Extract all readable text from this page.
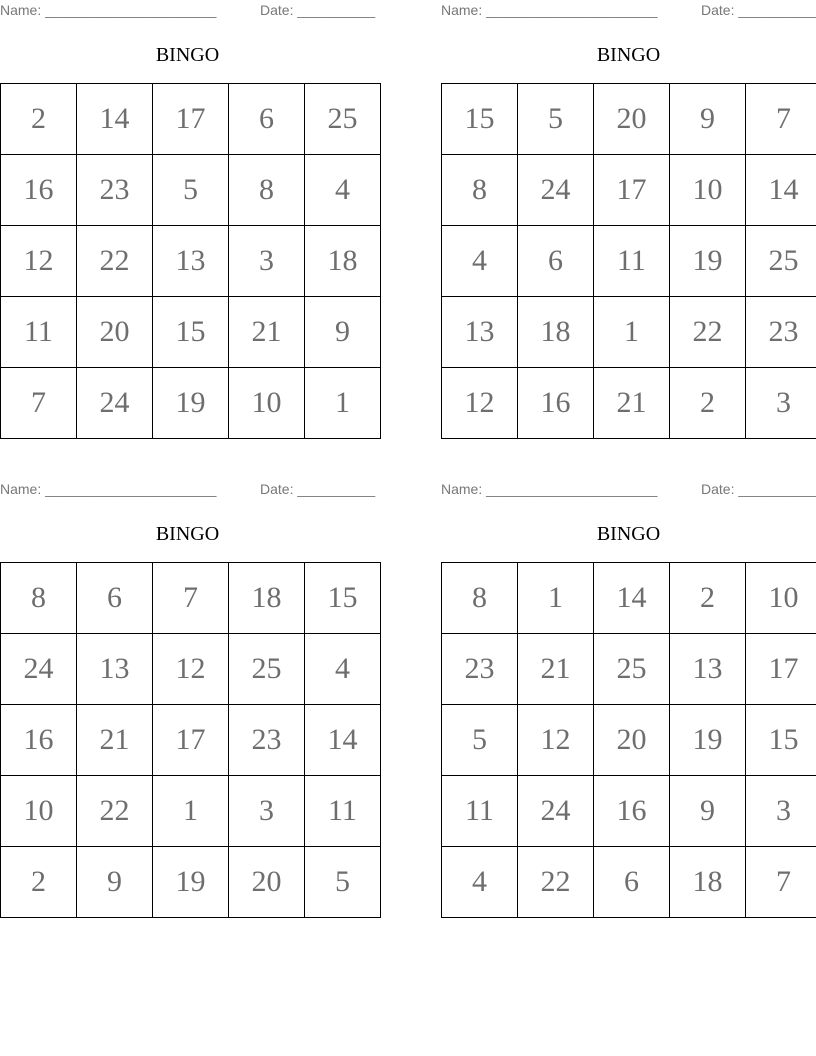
Name: ______________________	Date: __________
BINGO
2	14	17	6	25
16	23	5	8	4
12	22	13	3	18
11	20	15	21	9
7	24	19	10	1
Name: ______________________	Date: __________
BINGO
15	5	20	9	7
8	24	17	10	14
4	6	11	19	25
13	18	1	22	23
12	16	21	2	3
Name: ______________________	Date: __________
BINGO
8	6	7	18	15
24	13	12	25	4
16	21	17	23	14
10	22	1	3	11
2	9	19	20	5
Name: ______________________	Date: __________
BINGO
8	1	14	2	10
23	21	25	13	17
5	12	20	19	15
11	24	16	9	3
4	22	6	18	7
